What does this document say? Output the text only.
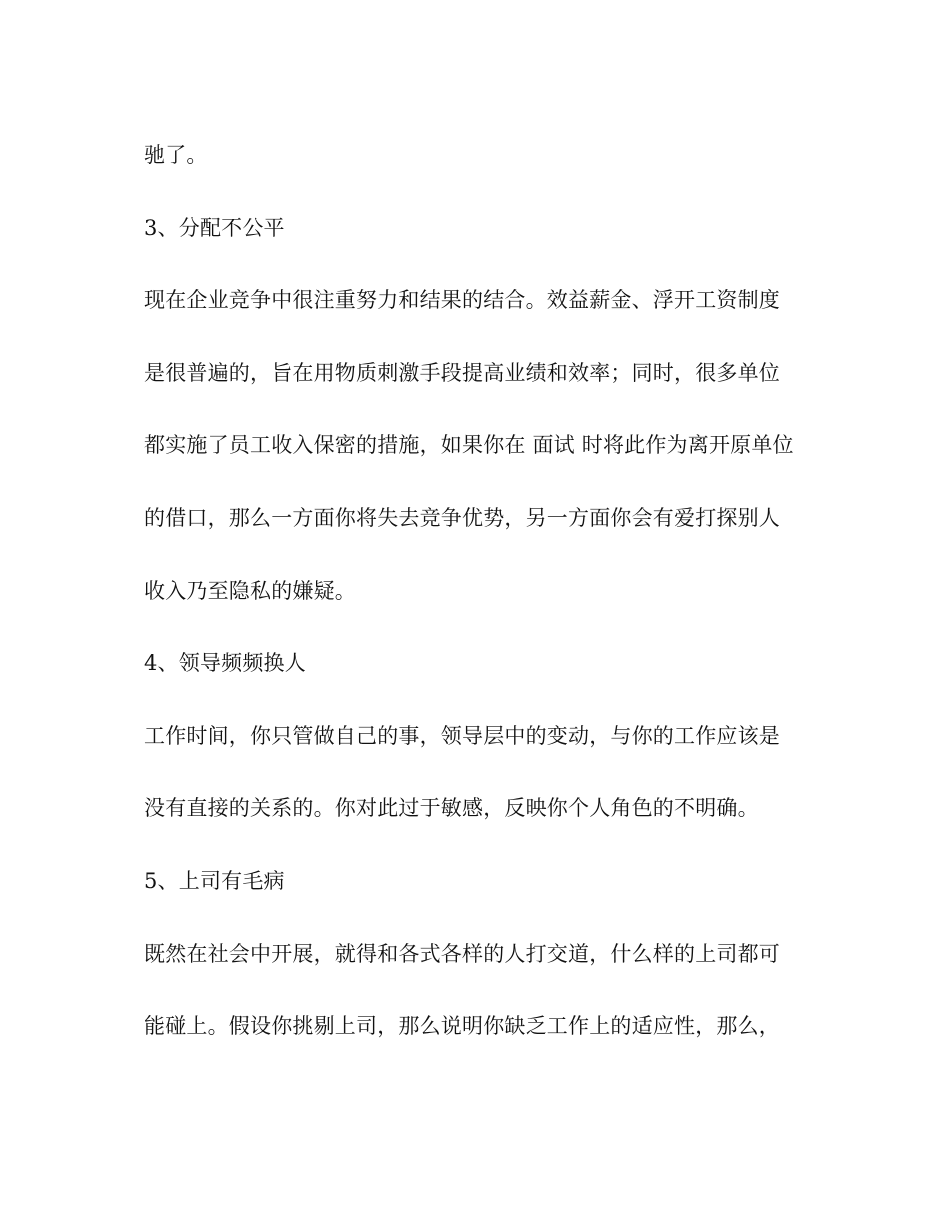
驰了。
3、分配不公平
现在企业竞争中很注重努力和结果的结合。效益薪金、浮开工资制度
是很普遍的，旨在用物质刺激手段提高业绩和效率；同时，很多单位
都实施了员工收入保密的措施，如果你在 面试 时将此作为离开原单位
的借口，那么一方面你将失去竞争优势，另一方面你会有爱打探别人
收入乃至隐私的嫌疑。
4、领导频频换人
工作时间，你只管做自己的事，领导层中的变动，与你的工作应该是
没有直接的关系的。你对此过于敏感，反映你个人角色的不明确。
5、上司有毛病
既然在社会中开展，就得和各式各样的人打交道，什么样的上司都可
能碰上。假设你挑剔上司，那么说明你缺乏工作上的适应性，那么，
